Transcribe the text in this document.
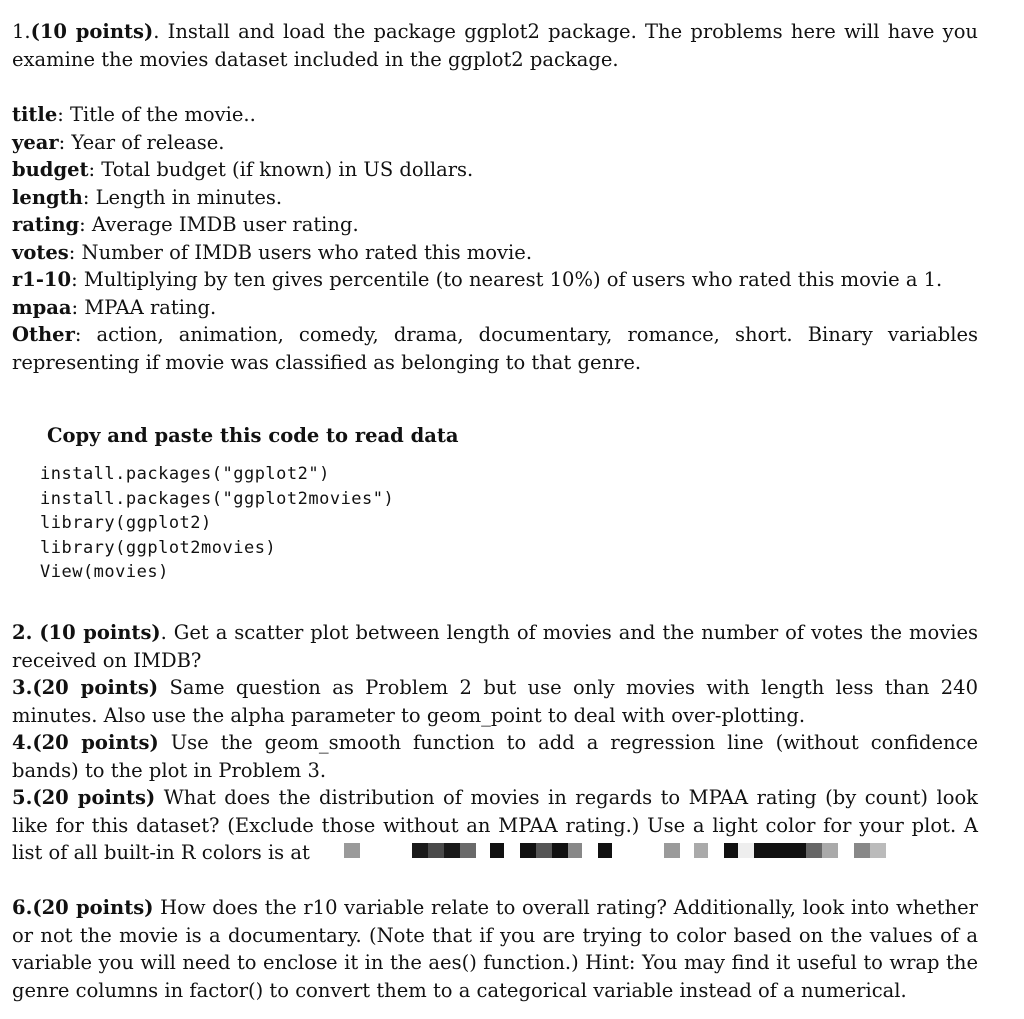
1.(10 points). Install and load the package ggplot2 package. The problems here will have you examine the movies dataset included in the ggplot2 package.

title: Title of the movie..
year: Year of release.
budget: Total budget (if known) in US dollars.
length: Length in minutes.
rating: Average IMDB user rating.
votes: Number of IMDB users who rated this movie.
r1-10: Multiplying by ten gives percentile (to nearest 10%) of users who rated this movie a 1.
mpaa: MPAA rating.
Other: action, animation, comedy, drama, documentary, romance, short. Binary variables representing if movie was classified as belonging to that genre.
Copy and paste this code to read data
install.packages("ggplot2")
install.packages("ggplot2movies")
library(ggplot2)
library(ggplot2movies)
View(movies)

2. (10 points). Get a scatter plot between length of movies and the number of votes the movies received on IMDB?

3.(20 points) Same question as Problem 2 but use only movies with length less than 240 minutes. Also use the alpha parameter to geom_point to deal with over-plotting.

4.(20 points) Use the geom_smooth function to add a regression line (without confidence bands) to the plot in Problem 3.

5.(20 points) What does the distribution of movies in regards to MPAA rating (by count) look like for this dataset? (Exclude those without an MPAA rating.) Use a light color for your plot. A list of all built-in R colors is at

6.(20 points) How does the r10 variable relate to overall rating? Additionally, look into whether or not the movie is a documentary. (Note that if you are trying to color based on the values of a variable you will need to enclose it in the aes() function.) Hint: You may find it useful to wrap the genre columns in factor() to convert them to a categorical variable instead of a numerical.
